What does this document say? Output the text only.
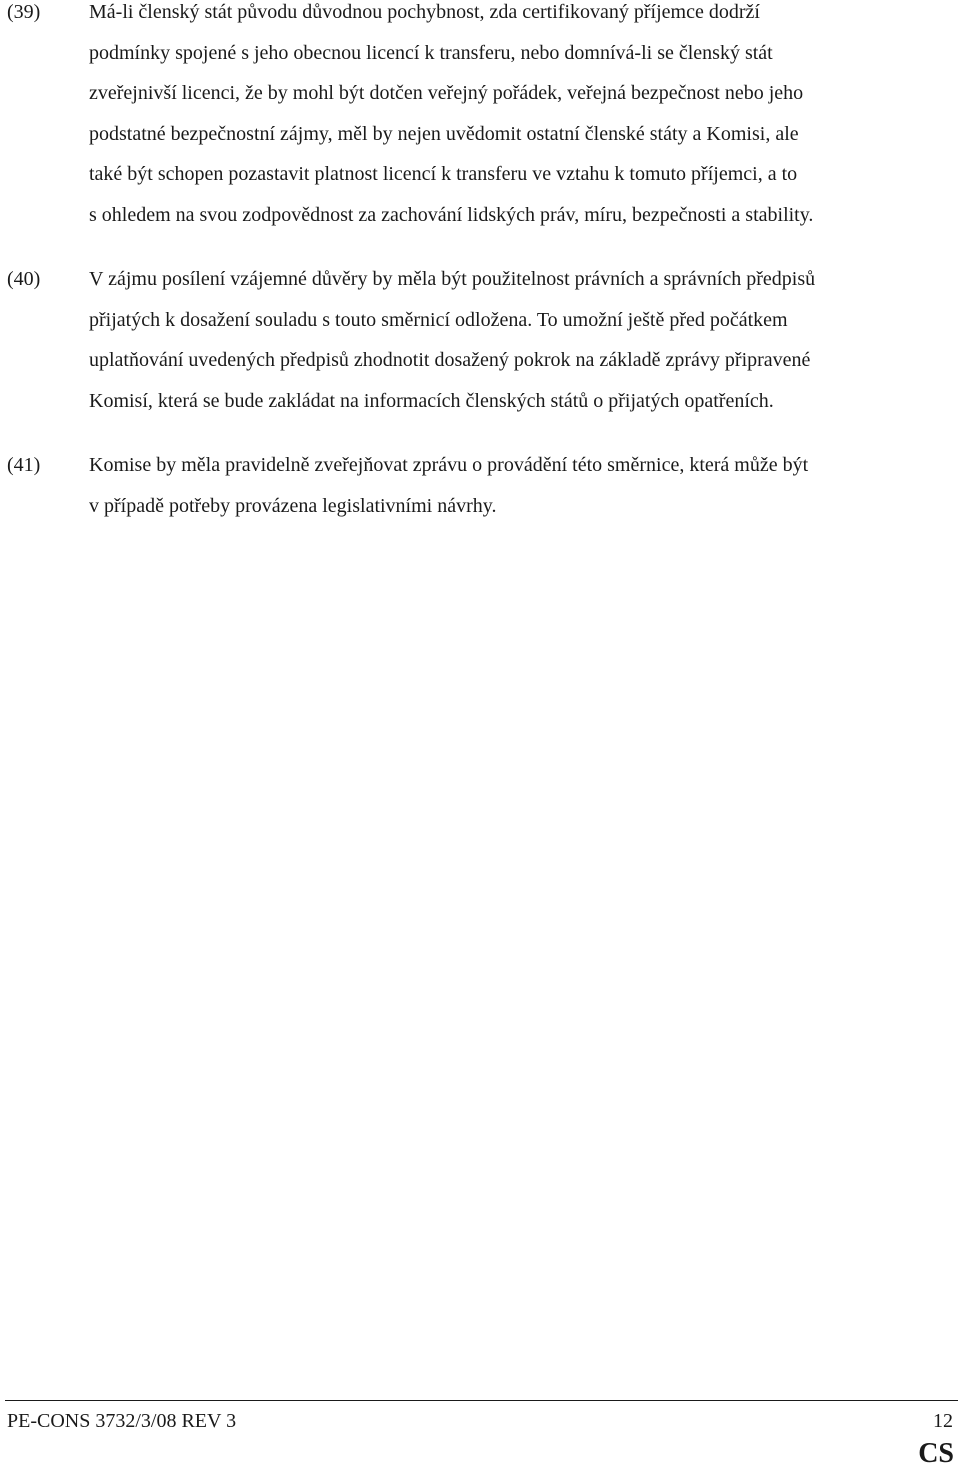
(39) Má-li členský stát původu důvodnou pochybnost, zda certifikovaný příjemce dodrží
podmínky spojené s jeho obecnou licencí k transferu, nebo domnívá-li se členský stát
zveřejnivší licenci, že by mohl být dotčen veřejný pořádek, veřejná bezpečnost nebo jeho
podstatné bezpečnostní zájmy, měl by nejen uvědomit ostatní členské státy a Komisi, ale
také být schopen pozastavit platnost licencí k transferu ve vztahu k tomuto příjemci, a to
s ohledem na svou zodpovědnost za zachování lidských práv, míru, bezpečnosti a stability.
(40) V zájmu posílení vzájemné důvěry by měla být použitelnost právních a správních předpisů
přijatých k dosažení souladu s touto směrnicí odložena. To umožní ještě před počátkem
uplatňování uvedených předpisů zhodnotit dosažený pokrok na základě zprávy připravené
Komisí, která se bude zakládat na informacích členských států o přijatých opatřeních.
(41) Komise by měla pravidelně zveřejňovat zprávu o provádění této směrnice, která může být
v případě potřeby provázena legislativními návrhy.
PE-CONS 3732/3/08 REV 3	12
CS
